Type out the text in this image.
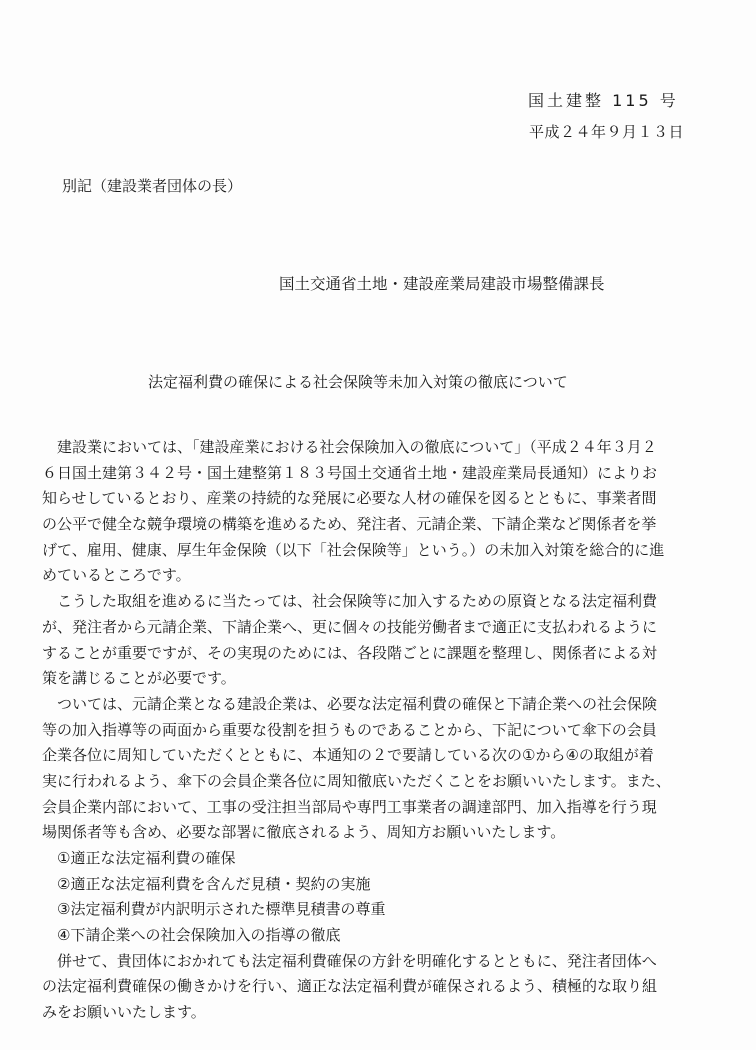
国土建整 115 号
平成２４年９月１３日
別記（建設業者団体の長）
国土交通省土地・建設産業局建設市場整備課長
法定福利費の確保による社会保険等未加入対策の徹底について
　建設業においては、「建設産業における社会保険加入の徹底について」（平成２４年３月２
６日国土建第３４２号・国土建整第１８３号国土交通省土地・建設産業局長通知）によりお
知らせしているとおり、産業の持続的な発展に必要な人材の確保を図るとともに、事業者間
の公平で健全な競争環境の構築を進めるため、発注者、元請企業、下請企業など関係者を挙
げて、雇用、健康、厚生年金保険（以下「社会保険等」という。）の未加入対策を総合的に進
めているところです。
　こうした取組を進めるに当たっては、社会保険等に加入するための原資となる法定福利費
が、発注者から元請企業、下請企業へ、更に個々の技能労働者まで適正に支払われるように
することが重要ですが、その実現のためには、各段階ごとに課題を整理し、関係者による対
策を講じることが必要です。
　ついては、元請企業となる建設企業は、必要な法定福利費の確保と下請企業への社会保険
等の加入指導等の両面から重要な役割を担うものであることから、下記について傘下の会員
企業各位に周知していただくとともに、本通知の２で要請している次の①から④の取組が着
実に行われるよう、傘下の会員企業各位に周知徹底いただくことをお願いいたします。また、
会員企業内部において、工事の受注担当部局や専門工事業者の調達部門、加入指導を行う現
場関係者等も含め、必要な部署に徹底されるよう、周知方お願いいたします。
　①適正な法定福利費の確保
　②適正な法定福利費を含んだ見積・契約の実施
　③法定福利費が内訳明示された標準見積書の尊重
　④下請企業への社会保険加入の指導の徹底
　併せて、貴団体におかれても法定福利費確保の方針を明確化するとともに、発注者団体へ
の法定福利費確保の働きかけを行い、適正な法定福利費が確保されるよう、積極的な取り組
みをお願いいたします。
